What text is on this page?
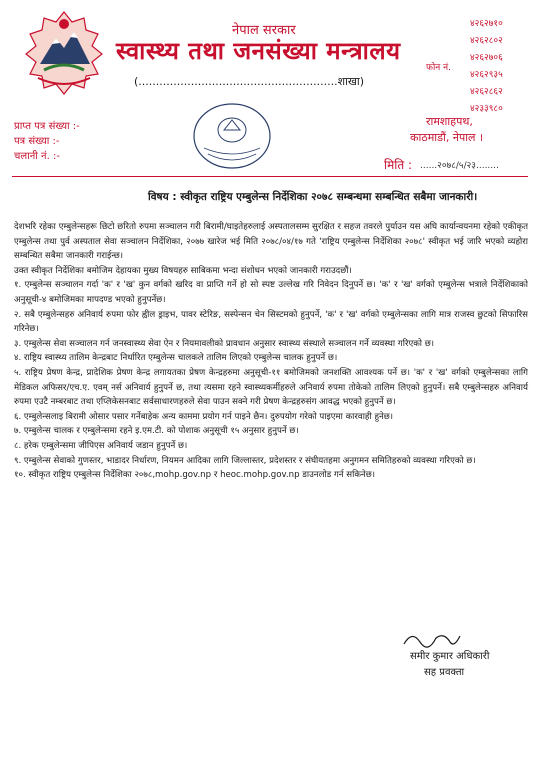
नेपाल सरकार
स्वास्थ्य तथा जनसंख्या मन्त्रालय
(.........................................................शाखा)
४२६२७१०
४२६२८०२
४२६२७०६
४२६२९३५
४२६२८६२
४२३३९८०
फोन नं.
प्राप्त पत्र संख्या :-
पत्र संख्या :-
चलानी नं. :-
रामशाहपथ,
काठमाडौं, नेपाल ।
मिति : ......२०७८/५/२३........
विषय : स्वीकृत राष्ट्रिय एम्बुलेन्स निर्देशिका २०७८ सम्बन्धमा सम्बन्धित सबैमा जानकारी।

देशभरि रहेका एम्बुलेन्सहरू छिटो छरितो रुपमा सञ्चालन गरी बिरामी/घाइतेहरुलाई अस्पतालसम्म सुरक्षित र सहज तवरले पुर्याउन यस अघि कार्यान्वयनमा रहेको एकीकृत एम्बुलेन्स तथा पुर्व अस्पताल सेवा सञ्चालन निर्देशिका, २०७७ खारेज भई मिति २०७८/०४/१७ गते 'राष्ट्रिय एम्बुलेन्स निर्देशिका २०७८' स्वीकृत भई जारि भएको व्यहोरा सम्बन्धित सबैमा जानकारी गराईन्छ।

उक्त स्वीकृत निर्देशिका बमोजिम देहायका मुख्य विषयहरु साबिकमा भन्दा संशोधन भएको जानकारी गराउदछौं।

१. एम्बुलेन्स सञ्चालन गर्दा 'क' र 'ख' कुन वर्गको खरिद वा प्राप्ति गर्ने हो सो स्पष्ट उल्लेख गरि निवेदन दिनुपर्ने छ। 'क' र 'ख' वर्गको एम्बुलेन्स भत्राले निर्देशिकाको अनुसूची-४ बमोजिमका मापदण्ड भएको हुनुपर्नेछ।

२. सबै एम्बुलेन्सहरु अनिवार्य रुपमा फोर ह्वील ड्राइभ, पावर स्टेरिङ, सस्पेन्सन चेन सिस्टमको हुनुपर्ने, 'क' र 'ख' वर्गको एम्बुलेन्सका लागि मात्र राजस्व छुटको सिफारिस गरिनेछ।

३. एम्बुलेन्स सेवा सञ्चालन गर्न जनस्वास्थ्य सेवा ऐन र नियमावलीको प्रावधान अनुसार स्वास्थ्य संस्थाले सञ्चालन गर्ने व्यवस्था गरिएको छ।

४. राष्ट्रिय स्वास्थ्य तालिम केन्द्रबाट निर्धारित एम्बुलेन्स चालकले तालिम लिएको एम्बुलेन्स चालक हुनुपर्ने छ।

५. राष्ट्रिय प्रेषण केन्द्र, प्रादेशिक प्रेषण केन्द्र लगायतका प्रेषण केन्द्रहरुमा अनुसूची-११ बमोजिमको जनशक्ति आवश्यक पर्ने छ। 'क' र 'ख' वर्गको एम्बुलेन्सका लागि मेडिकल अफिसर/एच.ए. एवम् नर्स अनिवार्य हुनुपर्ने छ, तथा त्यसमा रहने स्वास्थ्यकर्मीहरुले अनिवार्य रुपमा तोकेको तालिम लिएको हुनुपर्ने। सबै एम्बुलेन्सहरु अनिवार्य रुपमा एउटै नम्बरबाट तथा एप्लिकेसनबाट सर्वसाधारणहरुले सेवा पाउन सक्ने गरी प्रेषण केन्द्रहरुसंग आवद्ध भएको हुनुपर्ने छ।

६. एम्बुलेन्सलाइ बिरामी ओसार पसार गर्नेबाहेक अन्य काममा प्रयोग गर्न पाइने छैन। दुरुपयोग गरेको पाइएमा कारवाही हुनेछ।

७. एम्बुलेन्स चालक र एम्बुलेन्समा रहने इ.एम.टी. को पोशाक अनुसूची १५ अनुसार हुनुपर्ने छ।

८. हरेक एम्बुलेन्समा जीपिएस अनिवार्य जडान हुनुपर्ने छ।

९. एम्बुलेन्स सेवाको गुणस्तर, भाडादर निर्धारण, नियमन आदिका लागि जिल्लास्तर, प्रदेशस्तर र संघीयतहमा अनुगमन समितिहरुको व्यवस्था गरिएको छ।

१०. स्वीकृत राष्ट्रिय एम्बुलेन्स निर्देशिका २०७८,mohp.gov.np र heoc.mohp.gov.np डाउनलोड गर्न सकिनेछ।

समीर कुमार अधिकारी
सह प्रवक्ता
